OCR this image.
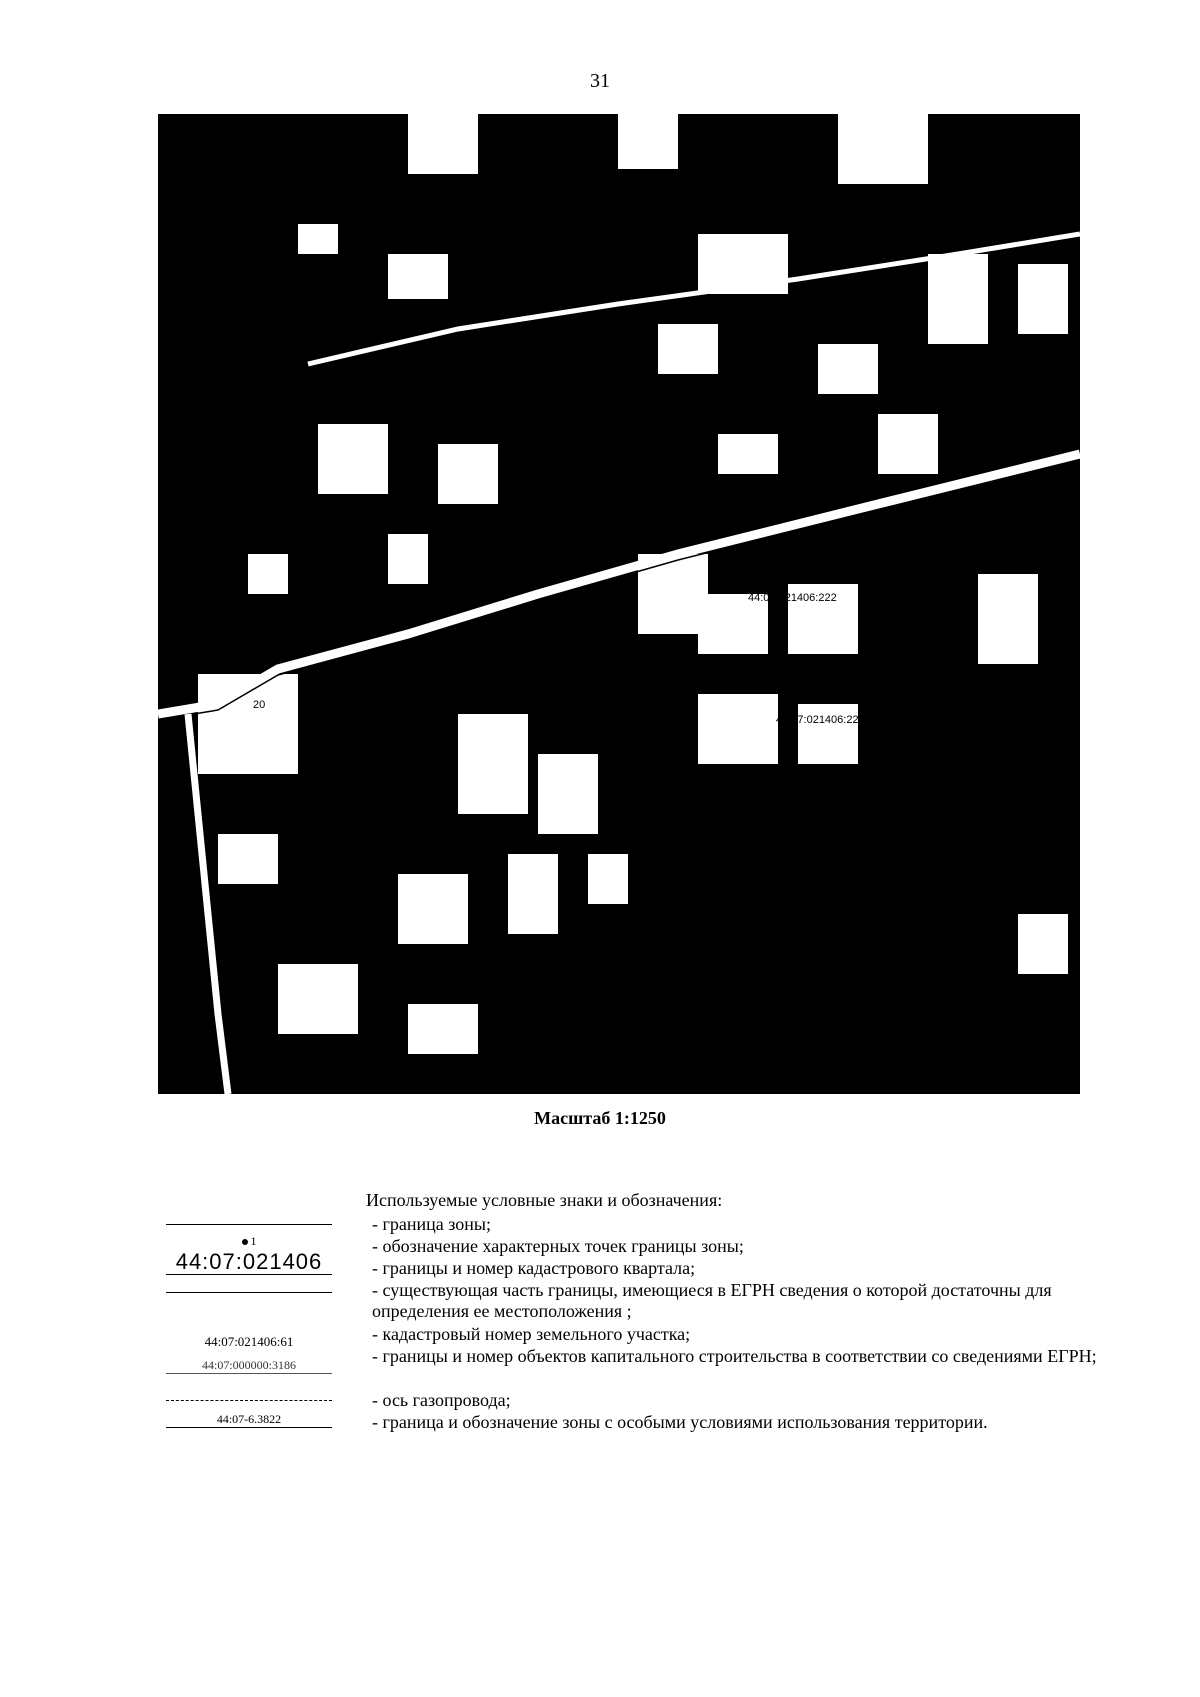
31
20
3822
44:07:02
44:07:021406:228
44:07:021406:222
Масштаб 1:1250
Используемые условные знаки и обозначения:
1
44:07:021406
44:07:021406:61
44:07:000000:3186
44:07-6.3822
- граница зоны;
- обозначение характерных точек границы зоны;
- границы и номер кадастрового квартала;
- существующая часть границы, имеющиеся в ЕГРН сведения о которой достаточны для определения ее местоположения ;
- кадастровый номер земельного участка;
- границы и номер объектов капитального строительства в соответствии со сведениями ЕГРН;
- ось газопровода;
- граница и обозначение зоны с особыми условиями использования территории.
